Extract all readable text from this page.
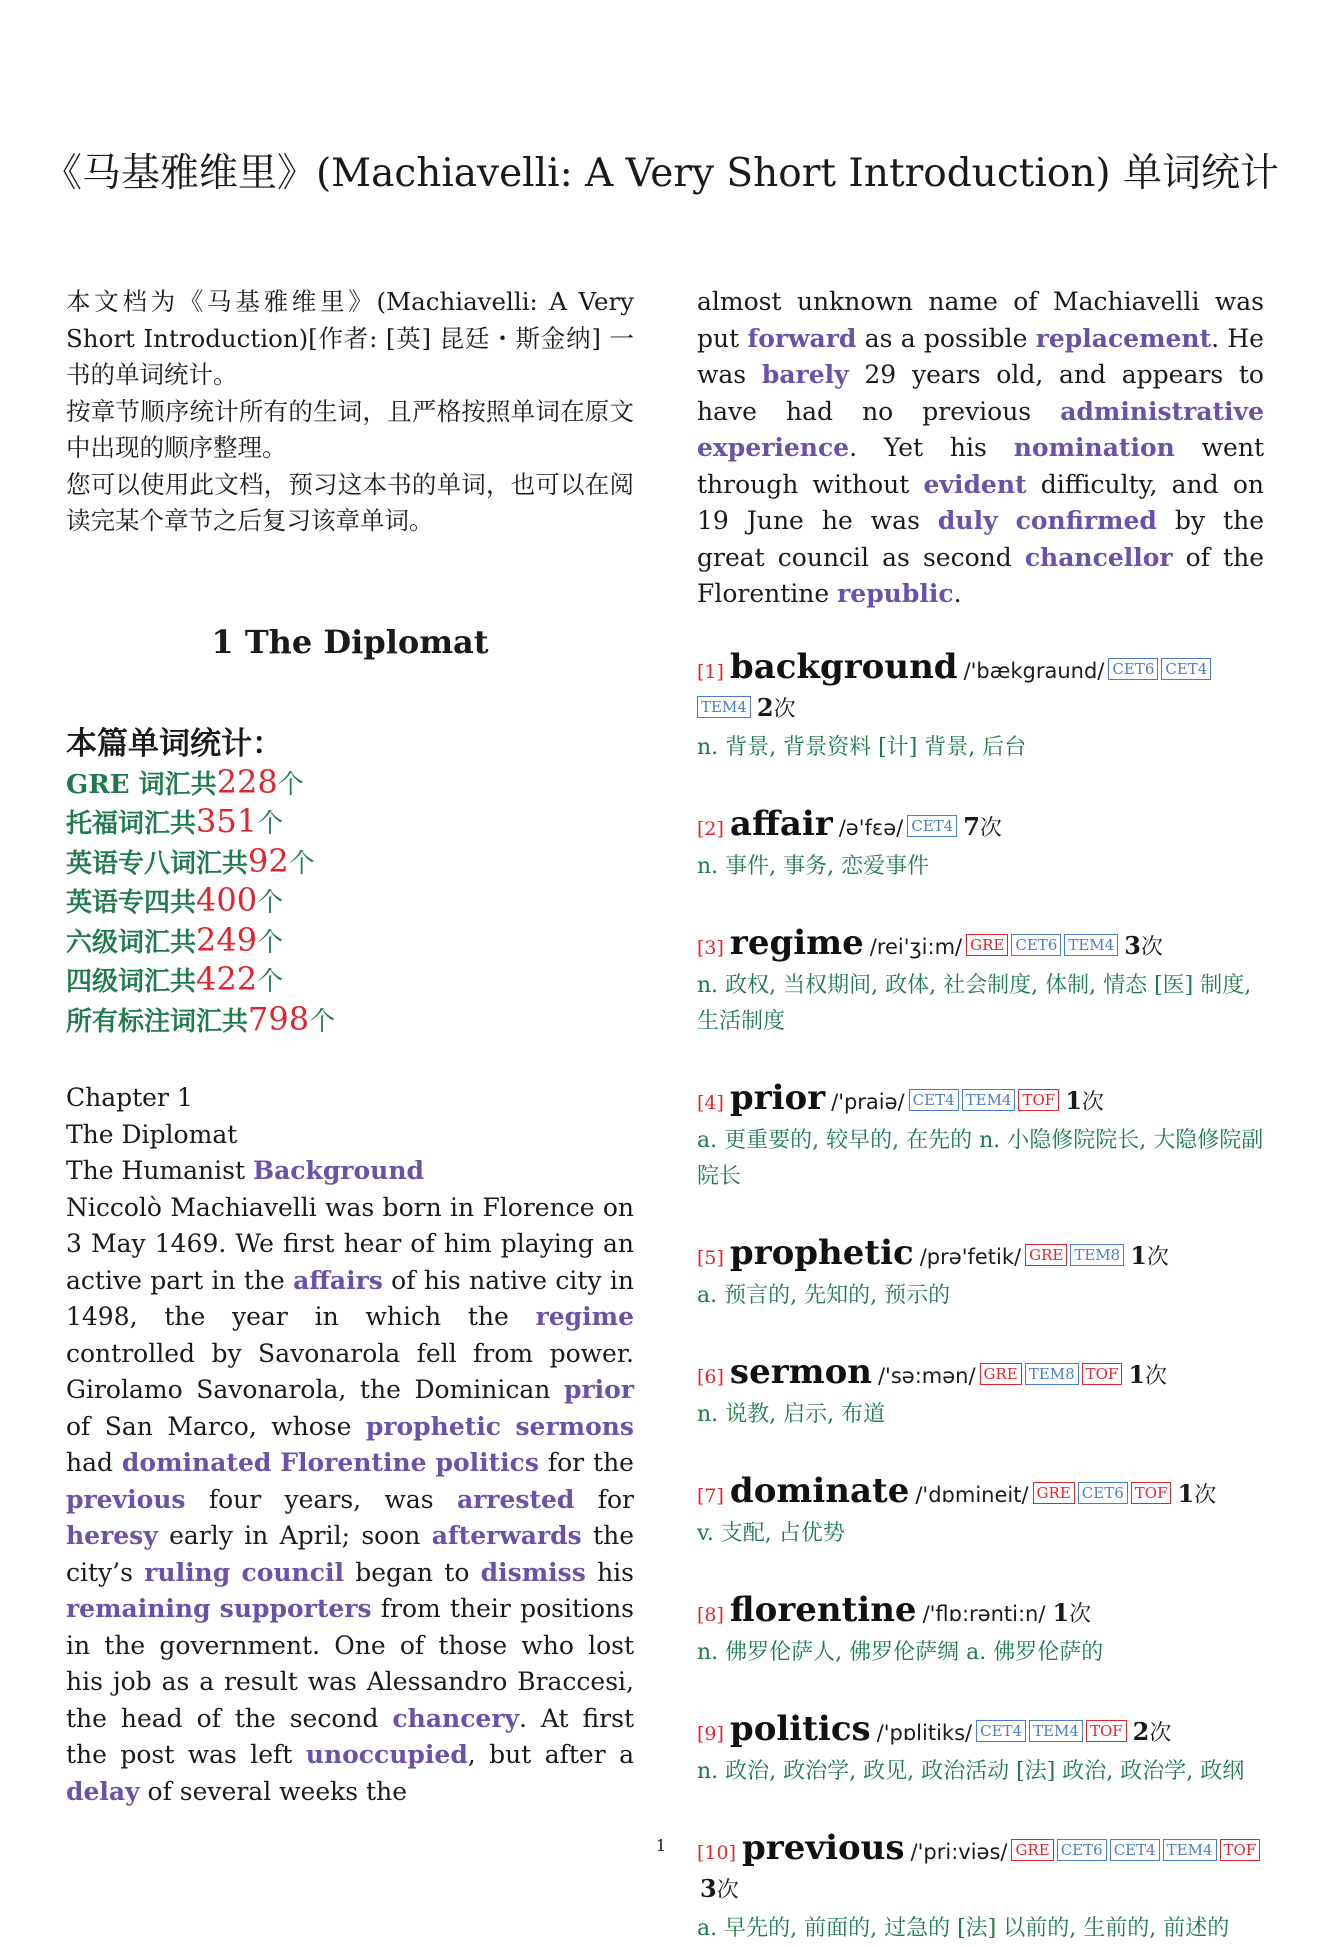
《马基雅维里》(Machiavelli: A Very Short Introduction) 单词统计

本文档为《马基雅维里》(Machiavelli: A Very Short Introduction)[作者: [英] 昆廷・斯金纳] 一书的单词统计。

按章节顺序统计所有的生词，且严格按照单词在原文中出现的顺序整理。

您可以使用此文档，预习这本书的单词，也可以在阅读完某个章节之后复习该章单词。

1 The Diplomat
本篇单词统计：
GRE 词汇共228个
托福词汇共351个
英语专八词汇共92个
英语专四共400个
六级词汇共249个
四级词汇共422个
所有标注词汇共798个

Chapter 1

The Diplomat

The Humanist Background

Niccolò Machiavelli was born in Florence on 3 May 1469. We first hear of him playing an active part in the affairs of his native city in 1498, the year in which the regime controlled by Savonarola fell from power. Girolamo Savonarola, the Dominican prior of San Marco, whose prophetic sermons had dominated Florentine politics for the previous four years, was arrested for heresy early in April; soon afterwards the city’s ruling council began to dismiss his remaining supporters from their positions in the government. One of those who lost his job as a result was Alessandro Braccesi, the head of the second chancery. At first the post was left unoccupied, but after a delay of several weeks the

almost unknown name of Machiavelli was put forward as a possible replacement. He was barely 29 years old, and appears to have had no previous administrative experience. Yet his nomination went through without evident difficulty, and on 19 June he was duly confirmed by the great council as second chancellor of the Florentine republic.

[1] background /'bækgraund/ CET6 CET4TEM4 2次
n. 背景, 背景资料 [计] 背景, 后台
[2] affair /ə'fɛə/ CET4 7次
n. 事件, 事务, 恋爱事件
[3] regime /rei'ʒi:m/ GRE CET6 TEM4 3次
n. 政权, 当权期间, 政体, 社会制度, 体制, 情态 [医] 制度, 生活制度
[4] prior /'praiə/ CET4 TEM4 TOF 1次
a. 更重要的, 较早的, 在先的 n. 小隐修院院长, 大隐修院副院长
[5] prophetic /prə'fetik/ GRE TEM8 1次
a. 预言的, 先知的, 预示的
[6] sermon /'sə:mən/ GRE TEM8 TOF 1次
n. 说教, 启示, 布道
[7] dominate /'dɒmineit/ GRE CET6 TOF 1次
v. 支配, 占优势
[8] florentine /'flɒ:rənti:n/ 1次
n. 佛罗伦萨人, 佛罗伦萨绸 a. 佛罗伦萨的
[9] politics /'pɒlitiks/ CET4 TEM4 TOF 2次
n. 政治, 政治学, 政见, 政治活动 [法] 政治, 政治学, 政纲
[10] previous /'pri:viəs/ GRE CET6 CET4 TEM4 TOF3次
a. 早先的, 前面的, 过急的 [法] 以前的, 生前的, 前述的
1
